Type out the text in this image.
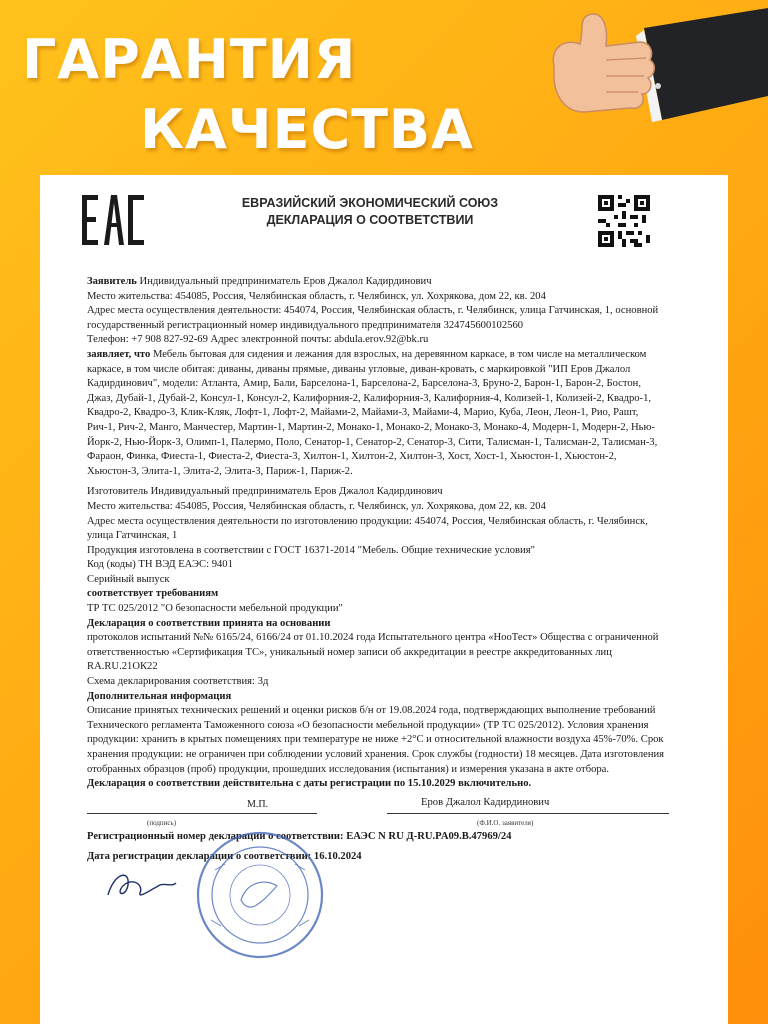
ГАРАНТИЯ
КАЧЕСТВА
ЕВРАЗИЙСКИЙ ЭКОНОМИЧЕСКИЙ СОЮЗ
ДЕКЛАРАЦИЯ О СООТВЕТСТВИИ

Заявитель Индивидуальный предприниматель Еров Джалол Кадирдинович

Место жительства: 454085, Россия, Челябинская область, г. Челябинск, ул. Хохрякова, дом 22, кв. 204

Адрес места осуществления деятельности: 454074, Россия, Челябинская область, г. Челябинск, улица Гатчинская, 1, основной государственный регистрационный номер индивидуального предпринимателя 324745600102560

Телефон: +7 908 827-92-69 Адрес электронной почты: abdula.erov.92@bk.ru

заявляет, что Мебель бытовая для сидения и лежания для взрослых, на деревянном каркасе, в том числе на металлическом каркасе, в том числе обитая: диваны, диваны прямые, диваны угловые, диван-кровать, с маркировкой "ИП Еров Джалол Кадирдинович", модели: Атланта, Амир, Бали, Барселона-1, Барселона-2, Барселона-3, Бруно-2, Барон-1, Барон-2, Бостон, Джаз, Дубай-1, Дубай-2, Консул-1, Консул-2, Калифорния-2, Калифорния-3, Калифорния-4, Колизей-1, Колизей-2, Квадро-1, Квадро-2, Квадро-3, Клик-Кляк, Лофт-1, Лофт-2, Майами-2, Майами-3, Майами-4, Марио, Куба, Леон, Леон-1, Рио, Рашт, Рич-1, Рич-2, Манго, Манчестер, Мартин-1, Мартин-2, Монако-1, Монако-2, Монако-3, Монако-4, Модерн-1, Модерн-2, Нью-Йорк-2, Нью-Йорк-3, Олимп-1, Палермо, Поло, Сенатор-1, Сенатор-2, Сенатор-3, Сити, Талисман-1, Талисман-2, Талисман-3, Фараон, Финка, Фиеста-1, Фиеста-2, Фиеста-3, Хилтон-1, Хилтон-2, Хилтон-3, Хост, Хост-1, Хьюстон-1, Хьюстон-2, Хьюстон-3, Элита-1, Элита-2, Элита-3, Париж-1, Париж-2.

Изготовитель Индивидуальный предприниматель Еров Джалол Кадирдинович

Место жительства: 454085, Россия, Челябинская область, г. Челябинск, ул. Хохрякова, дом 22, кв. 204

Адрес места осуществления деятельности по изготовлению продукции: 454074, Россия, Челябинская область, г. Челябинск, улица Гатчинская, 1

Продукция изготовлена в соответствии с ГОСТ 16371-2014 "Мебель. Общие технические условия"

Код (коды) ТН ВЭД ЕАЭС: 9401

Серийный выпуск

соответствует требованиям

ТР ТС 025/2012 "О безопасности мебельной продукции"

Декларация о соответствии принята на основании

протоколов испытаний №№ 6165/24, 6166/24 от 01.10.2024 года Испытательного центра «НооТест» Общества с ограниченной ответственностью «Сертификация ТС», уникальный номер записи об аккредитации в реестре аккредитованных лиц RA.RU.21ОК22

Схема декларирования соответствия: 3д

Дополнительная информация

Описание принятых технических решений и оценки рисков б/н от 19.08.2024 года, подтверждающих выполнение требований Технического регламента Таможенного союза «О безопасности мебельной продукции» (ТР ТС 025/2012). Условия хранения продукции: хранить в крытых помещениях при температуре не ниже +2°С и относительной влажности воздуха 45%-70%. Срок хранения продукции: не ограничен при соблюдении условий хранения. Срок службы (годности) 18 месяцев. Дата изготовления отобранных образцов (проб) продукции, прошедших исследования (испытания) и измерения указана в акте отбора.

Декларация о соответствии действительна с даты регистрации по 15.10.2029 включительно.

М.П.
(подпись)
Еров Джалол Кадирдинович
(Ф.И.О. заявителя)

Регистрационный номер декларации о соответствии: ЕАЭС N RU Д-RU.PA09.B.47969/24

Дата регистрации декларации о соответствии: 16.10.2024
